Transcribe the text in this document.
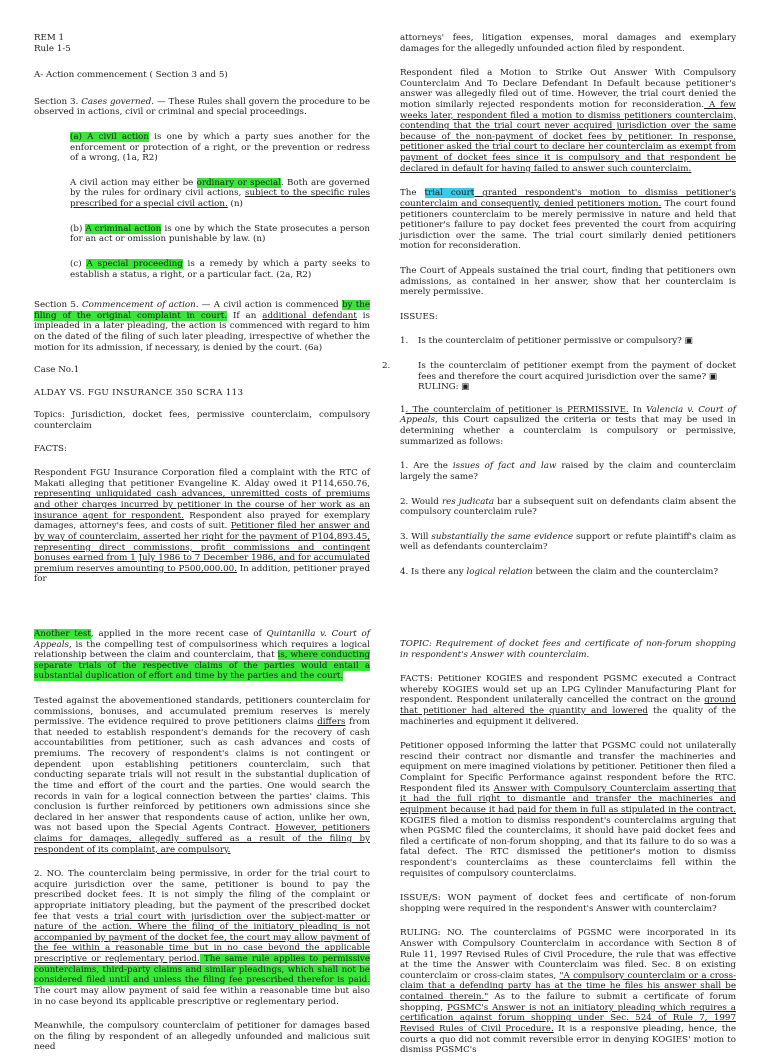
REM 1

Rule 1-5

A- Action commencement ( Section 3 and 5)

Section 3. Cases governed. — These Rules shall govern the procedure to be observed in actions, civil or criminal and special proceedings.

(a) A civil action is one by which a party sues another for the enforcement or protection of a right, or the prevention or redress of a wrong, (1a, R2)

A civil action may either be ordinary or special. Both are governed by the rules for ordinary civil actions, subject to the specific rules prescribed for a special civil action. (n)

(b) A criminal action is one by which the State prosecutes a person for an act or omission punishable by law. (n)

(c) A special proceeding is a remedy by which a party seeks to establish a status, a right, or a particular fact. (2a, R2)

Section 5. Commencement of action. — A civil action is commenced by the filing of the original complaint in court. If an additional defendant is impleaded in a later pleading, the action is commenced with regard to him on the dated of the filing of such later pleading, irrespective of whether the motion for its admission, if necessary, is denied by the court. (6a)

Case No.1

ALDAY VS. FGU INSURANCE 350 SCRA 113

Topics: Jurisdiction, docket fees, permissive counterclaim, compulsory counterclaim

FACTS:

Respondent FGU Insurance Corporation filed a complaint with the RTC of Makati alleging that petitioner Evangeline K. Alday owed it P114,650.76, representing unliquidated cash advances, unremitted costs of premiums and other charges incurred by petitioner in the course of her work as an insurance agent for respondent. Respondent also prayed for exemplary damages, attorney's fees, and costs of suit. Petitioner filed her answer and by way of counterclaim, asserted her right for the payment of P104,893.45, representing direct commissions, profit commissions and contingent bonuses earned from 1 July 1986 to 7 December 1986, and for accumulated premium reserves amounting to P500,000.00. In addition, petitioner prayed for

attorneys' fees, litigation expenses, moral damages and exemplary damages for the allegedly unfounded action filed by respondent.

Respondent filed a Motion to Strike Out Answer With Compulsory Counterclaim And To Declare Defendant In Default because petitioner's answer was allegedly filed out of time. However, the trial court denied the motion similarly rejected respondents motion for reconsideration. A few weeks later, respondent filed a motion to dismiss petitioners counterclaim, contending that the trial court never acquired jurisdiction over the same because of the non-payment of docket fees by petitioner. In response, petitioner asked the trial court to declare her counterclaim as exempt from payment of docket fees since it is compulsory and that respondent be declared in default for having failed to answer such counterclaim.

The trial court granted respondent's motion to dismiss petitioner's counterclaim and consequently, denied petitioners motion. The court found petitioners counterclaim to be merely permissive in nature and held that petitioner's failure to pay docket fees prevented the court from acquiring jurisdiction over the same. The trial court similarly denied petitioners motion for reconsideration.

The Court of Appeals sustained the trial court, finding that petitioners own admissions, as contained in her answer, show that her counterclaim is merely permissive.

ISSUES:

1. Is the counterclaim of petitioner permissive or compulsory? ▣

2.	Is the counterclaim of petitioner exempt from the payment of docket fees and therefore the court acquired jurisdiction over the same? ▣
RULING: ▣

1. The counterclaim of petitioner is PERMISSIVE. In Valencia v. Court of Appeals, this Court capsulized the criteria or tests that may be used in determining whether a counterclaim is compulsory or permissive, summarized as follows:

1. Are the issues of fact and law raised by the claim and counterclaim largely the same?

2. Would res judicata bar a subsequent suit on defendants claim absent the compulsory counterclaim rule?

3. Will substantially the same evidence support or refute plaintiff's claim as well as defendants counterclaim?

4. Is there any logical relation between the claim and the counterclaim?

Another test, applied in the more recent case of Quintanilla v. Court of Appeals, is the compelling test of compulsoriness which requires a logical relationship between the claim and counterclaim, that is, where conducting separate trials of the respective claims of the parties would entail a substantial duplication of effort and time by the parties and the court.

Tested against the abovementioned standards, petitioners counterclaim for commissions, bonuses, and accumulated premium reserves is merely permissive. The evidence required to prove petitioners claims differs from that needed to establish respondent's demands for the recovery of cash accountabilities from petitioner, such as cash advances and costs of premiums. The recovery of respondent's claims is not contingent or dependent upon establishing petitioners counterclaim, such that conducting separate trials will not result in the substantial duplication of the time and effort of the court and the parties. One would search the records in vain for a logical connection between the parties' claims. This conclusion is further reinforced by petitioners own admissions since she declared in her answer that respondents cause of action, unlike her own, was not based upon the Special Agents Contract. However, petitioners claims for damages, allegedly suffered as a result of the filing by respondent of its complaint, are compulsory.

2. NO. The counterclaim being permissive, in order for the trial court to acquire jurisdiction over the same, petitioner is bound to pay the prescribed docket fees. It is not simply the filing of the complaint or appropriate initiatory pleading, but the payment of the prescribed docket fee that vests a trial court with jurisdiction over the subject-matter or nature of the action. Where the filing of the initiatory pleading is not accompanied by payment of the docket fee, the court may allow payment of the fee within a reasonable time but in no case beyond the applicable prescriptive or reglementary period. The same rule applies to permissive counterclaims, third-party claims and similar pleadings, which shall not be considered filed until and unless the filing fee prescribed therefor is paid. The court may allow payment of said fee within a reasonable time but also in no case beyond its applicable prescriptive or reglementary period.

Meanwhile, the compulsory counterclaim of petitioner for damages based on the filing by respondent of an allegedly unfounded and malicious suit need

TOPIC: Requirement of docket fees and certificate of non-forum shopping in respondent's Answer with counterclaim.

FACTS: Petitioner KOGIES and respondent PGSMC executed a Contract whereby KOGIES would set up an LPG Cylinder Manufacturing Plant for respondent. Respondent unilaterally cancelled the contract on the ground that petitioner had altered the quantity and lowered the quality of the machineries and equipment it delivered.

Petitioner opposed informing the latter that PGSMC could not unilaterally rescind their contract nor dismantle and transfer the machineries and equipment on mere imagined violations by petitioner. Petitioner then filed a Complaint for Specific Performance against respondent before the RTC. Respondent filed its Answer with Compulsory Counterclaim asserting that it had the full right to dismantle and transfer the machineries and equipment because it had paid for them in full as stipulated in the contract. KOGIES filed a motion to dismiss respondent's counterclaims arguing that when PGSMC filed the counterclaims, it should have paid docket fees and filed a certificate of non-forum shopping, and that its failure to do so was a fatal defect. The RTC dismissed the petitioner's motion to dismiss respondent's counterclaims as these counterclaims fell within the requisites of compulsory counterclaims.

ISSUE/S: WON payment of docket fees and certificate of non-forum shopping were required in the respondent's Answer with counterclaim?

RULING: NO. The counterclaims of PGSMC were incorporated in its Answer with Compulsory Counterclaim in accordance with Section 8 of Rule 11, 1997 Revised Rules of Civil Procedure, the rule that was effective at the time the Answer with Counterclaim was filed. Sec. 8 on existing counterclaim or cross-claim states, "A compulsory counterclaim or a cross-claim that a defending party has at the time he files his answer shall be contained therein." As to the failure to submit a certificate of forum shopping, PGSMC's Answer is not an initiatory pleading which requires a certification against forum shopping under Sec. 524 of Rule 7, 1997 Revised Rules of Civil Procedure. It is a responsive pleading, hence, the courts a quo did not commit reversible error in denying KOGIES' motion to dismiss PGSMC's
